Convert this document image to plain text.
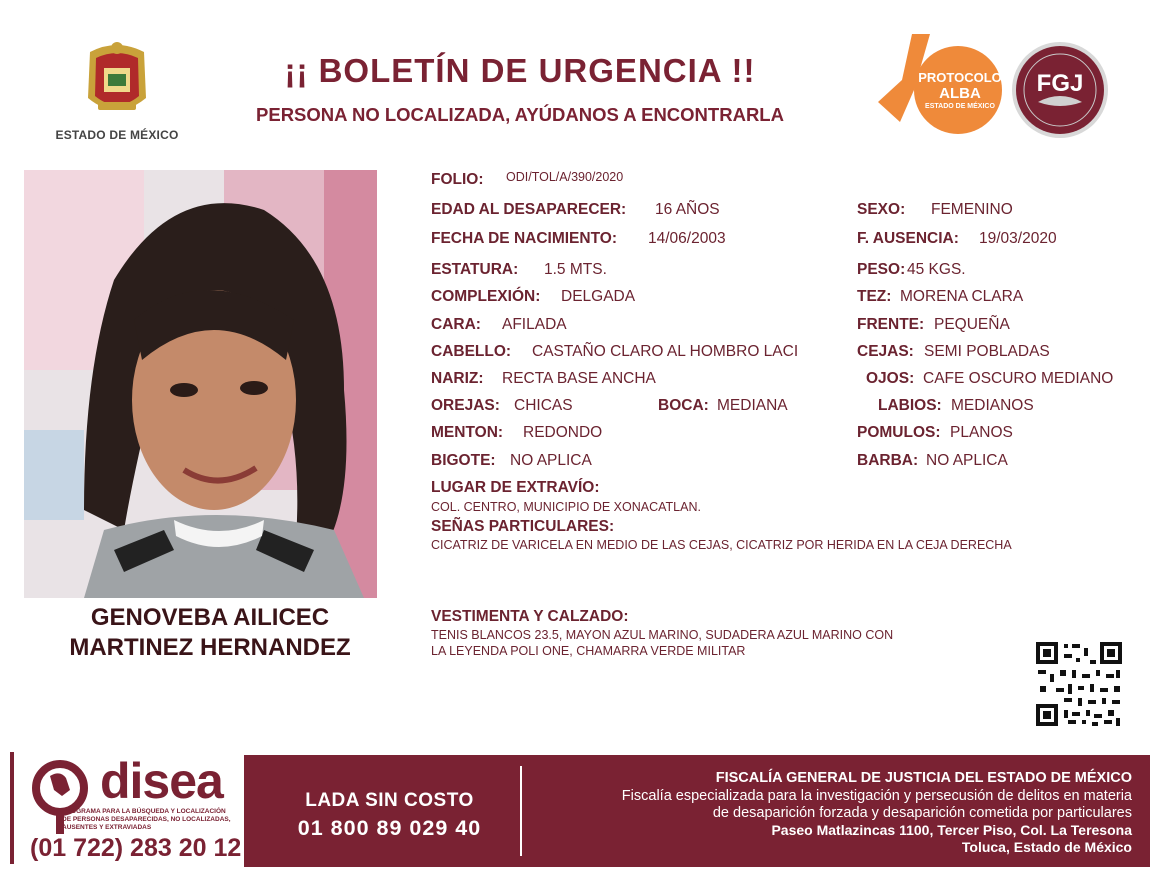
ESTADO DE MÉXICO
¡¡ BOLETÍN DE URGENCIA !!
PERSONA NO LOCALIZADA, AYÚDANOS A ENCONTRARLA
PROTOCOLO
ALBA
ESTADO DE MÉXICO
FGJ
GENOVEBA AILICEC
MARTINEZ HERNANDEZ
FOLIO: ODI/TOL/A/390/2020
EDAD AL DESAPARECER: 16 AÑOS	SEXO: FEMENINO
FECHA DE NACIMIENTO: 14/06/2003	F. AUSENCIA: 19/03/2020
ESTATURA: 1.5 MTS.	PESO: 45 KGS.
COMPLEXIÓN: DELGADA	TEZ: MORENA CLARA
CARA: AFILADA	FRENTE: PEQUEÑA
CABELLO: CASTAÑO CLARO AL HOMBRO LACI	CEJAS: SEMI POBLADAS
NARIZ: RECTA BASE ANCHA	OJOS: CAFE OSCURO MEDIANO
OREJAS: CHICAS	BOCA: MEDIANA	LABIOS: MEDIANOS
MENTON: REDONDO	POMULOS: PLANOS
BIGOTE: NO APLICA	BARBA: NO APLICA
LUGAR DE EXTRAVÍO:
COL. CENTRO, MUNICIPIO DE XONACATLAN.
SEÑAS PARTICULARES:
CICATRIZ DE VARICELA EN MEDIO DE LAS CEJAS, CICATRIZ POR HERIDA EN LA CEJA DERECHA
VESTIMENTA Y CALZADO:
TENIS BLANCOS 23.5, MAYON AZUL MARINO, SUDADERA AZUL MARINO CON
LA LEYENDA POLI ONE, CHAMARRA VERDE MILITAR
disea
PROGRAMA PARA LA BÚSQUEDA Y LOCALIZACIÓN DE PERSONAS DESAPARECIDAS, NO LOCALIZADAS, AUSENTES Y EXTRAVIADAS
(01 722) 283 20 12
LADA SIN COSTO
01 800 89 029 40
FISCALÍA GENERAL DE JUSTICIA DEL ESTADO DE MÉXICO
Fiscalía especializada para la investigación y persecusión de delitos en materia
de desaparición forzada y desaparición cometida por particulares
Paseo Matlazincas 1100, Tercer Piso, Col. La Teresona
Toluca, Estado de México
